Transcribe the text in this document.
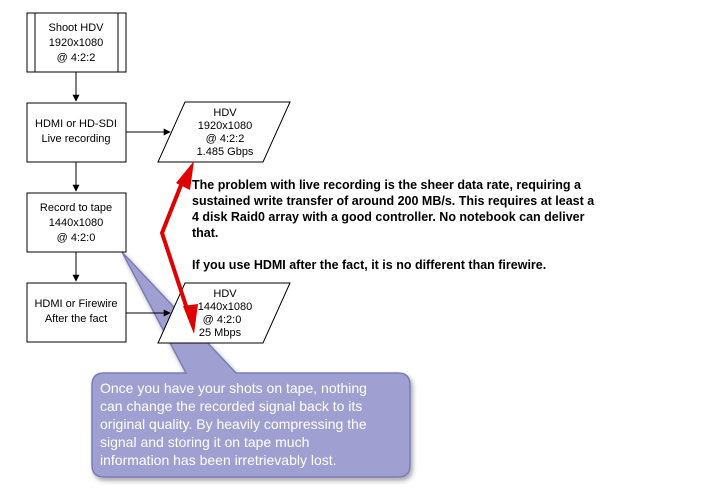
Once you have your shots on tape, nothing
can change the recorded signal back to its
original quality. By heavily compressing the
signal and storing it on tape much
information has been irretrievably lost.
Shoot HDV
1920x1080
@ 4:2:2
HDMI or HD-SDI
Live recording
Record to tape
1440x1080
@ 4:2:0
HDMI or Firewire
After the fact
HDV
1920x1080
@ 4:2:2
1.485 Gbps
HDV
1440x1080
@ 4:2:0
25 Mbps
The problem with live recording is the sheer data rate, requiring a
sustained write transfer of around 200 MB/s. This requires at least a
4 disk Raid0 array with a good controller. No notebook can deliver
that.
If you use HDMI after the fact, it is no different than firewire.
